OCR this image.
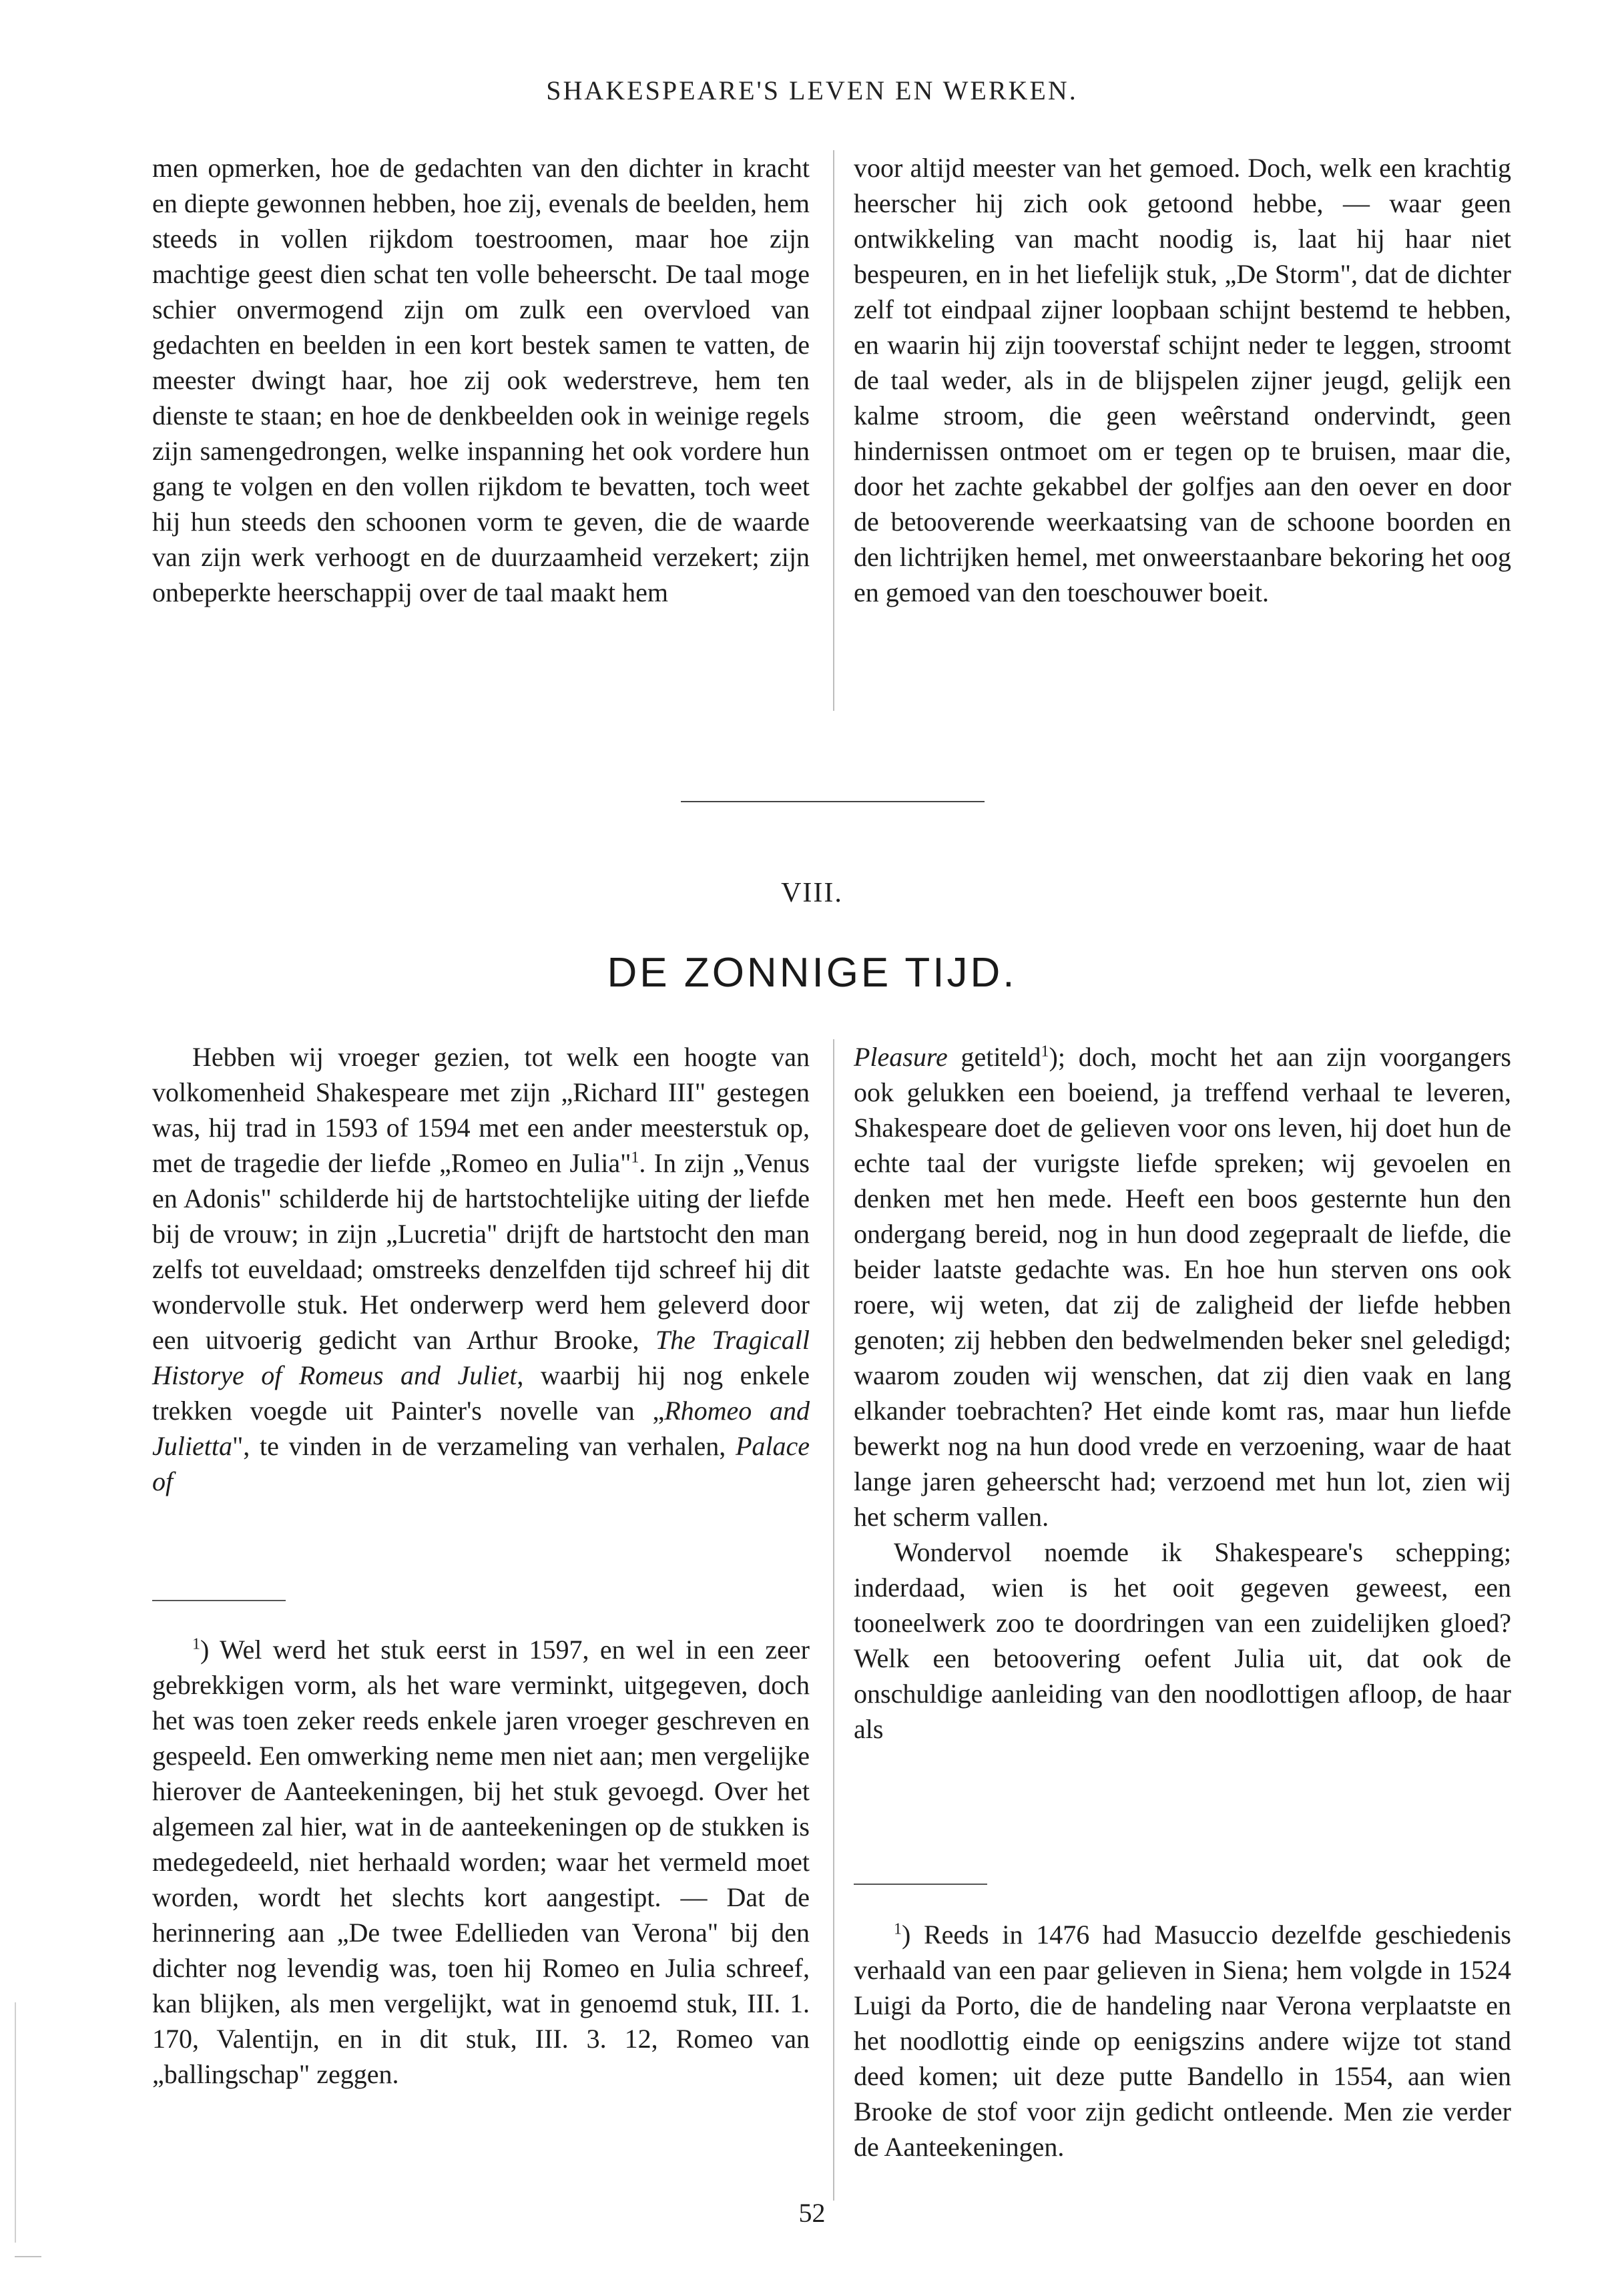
SHAKESPEARE'S LEVEN EN WERKEN.

men opmerken, hoe de gedachten van den dichter in kracht en diepte gewonnen hebben, hoe zij, evenals de beelden, hem steeds in vollen rijkdom toestroomen, maar hoe zijn machtige geest dien schat ten volle beheerscht. De taal moge schier onvermogend zijn om zulk een overvloed van gedachten en beelden in een kort bestek samen te vatten, de meester dwingt haar, hoe zij ook wederstreve, hem ten dienste te staan; en hoe de denkbeelden ook in weinige regels zijn samengedrongen, welke inspanning het ook vordere hun gang te volgen en den vollen rijkdom te bevatten, toch weet hij hun steeds den schoonen vorm te geven, die de waarde van zijn werk verhoogt en de duurzaamheid verzekert; zijn onbeperkte heerschappij over de taal maakt hem

voor altijd meester van het gemoed. Doch, welk een krachtig heerscher hij zich ook getoond hebbe, — waar geen ontwikkeling van macht noodig is, laat hij haar niet bespeuren, en in het liefelijk stuk, „De Storm", dat de dichter zelf tot eindpaal zijner loopbaan schijnt bestemd te hebben, en waarin hij zijn tooverstaf schijnt neder te leggen, stroomt de taal weder, als in de blijspelen zijner jeugd, gelijk een kalme stroom, die geen weêrstand ondervindt, geen hindernissen ontmoet om er tegen op te bruisen, maar die, door het zachte gekabbel der golfjes aan den oever en door de betooverende weerkaatsing van de schoone boorden en den lichtrijken hemel, met onweerstaanbare bekoring het oog en gemoed van den toeschouwer boeit.

VIII.
DE ZONNIGE TIJD.

Hebben wij vroeger gezien, tot welk een hoogte van volkomenheid Shakespeare met zijn „Richard III" gestegen was, hij trad in 1593 of 1594 met een ander meesterstuk op, met de tragedie der liefde „Romeo en Julia"$^1$. In zijn „Venus en Adonis" schilderde hij de hartstochtelijke uiting der liefde bij de vrouw; in zijn „Lucretia" drijft de hartstocht den man zelfs tot euveldaad; omstreeks denzelfden tijd schreef hij dit wondervolle stuk. Het onderwerp werd hem geleverd door een uitvoerig gedicht van Arthur Brooke, The Tragicall Historye of Romeus and Juliet, waarbij hij nog enkele trekken voegde uit Painter's novelle van „Rhomeo and Julietta", te vinden in de verzameling van verhalen, Palace of

Pleasure getiteld$^1$); doch, mocht het aan zijn voorgangers ook gelukken een boeiend, ja treffend verhaal te leveren, Shakespeare doet de gelieven voor ons leven, hij doet hun de echte taal der vurigste liefde spreken; wij gevoelen en denken met hen mede. Heeft een boos gesternte hun den ondergang bereid, nog in hun dood zegepraalt de liefde, die beider laatste gedachte was. En hoe hun sterven ons ook roere, wij weten, dat zij de zaligheid der liefde hebben genoten; zij hebben den bedwelmenden beker snel geledigd; waarom zouden wij wenschen, dat zij dien vaak en lang elkander toebrachten? Het einde komt ras, maar hun liefde bewerkt nog na hun dood vrede en verzoening, waar de haat lange jaren geheerscht had; verzoend met hun lot, zien wij het scherm vallen.

Wondervol noemde ik Shakespeare's schepping; inderdaad, wien is het ooit gegeven geweest, een tooneelwerk zoo te doordringen van een zuidelijken gloed? Welk een betoovering oefent Julia uit, dat ook de onschuldige aanleiding van den noodlottigen afloop, de haar als

$^1$) Wel werd het stuk eerst in 1597, en wel in een zeer gebrekkigen vorm, als het ware verminkt, uitgegeven, doch het was toen zeker reeds enkele jaren vroeger geschreven en gespeeld. Een omwerking neme men niet aan; men vergelijke hierover de Aanteekeningen, bij het stuk gevoegd. Over het algemeen zal hier, wat in de aanteekeningen op de stukken is medegedeeld, niet herhaald worden; waar het vermeld moet worden, wordt het slechts kort aangestipt. — Dat de herinnering aan „De twee Edellieden van Verona" bij den dichter nog levendig was, toen hij Romeo en Julia schreef, kan blijken, als men vergelijkt, wat in genoemd stuk, III. 1. 170, Valentijn, en in dit stuk, III. 3. 12, Romeo van „ballingschap" zeggen.

$^1$) Reeds in 1476 had Masuccio dezelfde geschiedenis verhaald van een paar gelieven in Siena; hem volgde in 1524 Luigi da Porto, die de handeling naar Verona verplaatste en het noodlottig einde op eenigszins andere wijze tot stand deed komen; uit deze putte Bandello in 1554, aan wien Brooke de stof voor zijn gedicht ontleende. Men zie verder de Aanteekeningen.

52
